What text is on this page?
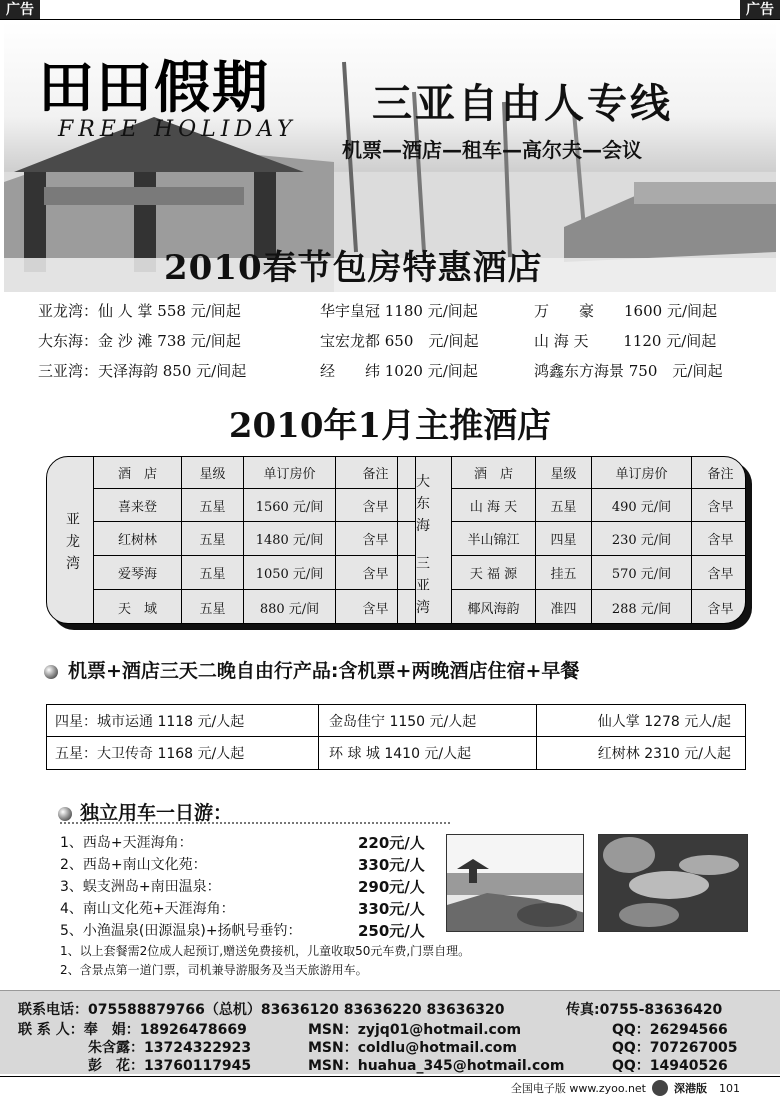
广告	广告
田田假期
FREE HOLIDAY
三亚自由人专线
机票—酒店—租车—高尔夫—会议
2010春节包房特惠酒店
亚龙湾：仙 人 掌 558 元/间起	华宇皇冠 1180 元/间起	万　　豪　　1600 元/间起
大东海：金 沙 滩 738 元/间起	宝宏龙都 650　元/间起	山 海 天　　 1120 元/间起
三亚湾：天泽海韵 850 元/间起	经　　纬 1020 元/间起	鸿鑫东方海景 750　元/间起
2010年1月主推酒店
亚
龙
湾
酒　店	星级	单订房价	备注
喜来登	五星	1560 元/间	含早
红树林	五星	1480 元/间	含早
爱琴海	五星	1050 元/间	含早
天　域	五星	880 元/间	含早
大
东
海
三
亚
湾
酒　店	星级	单订房价	备注
山 海 天	五星	490 元/间	含早
半山锦江	四星	230 元/间	含早
天 福 源	挂五	570 元/间	含早
椰风海韵	准四	288 元/间	含早
机票+酒店三天二晚自由行产品:含机票+两晚酒店住宿+早餐
四星：城市运通 1118 元/人起	金岛佳宁 1150 元/人起	仙人掌 1278 元人/起
五星：大卫传奇 1168 元/人起	环 球 城 1410 元/人起	红树林 2310 元/人起
独立用车一日游：
1、西岛+天涯海角：	220元/人
2、西岛+南山文化苑：	330元/人
3、蜈支洲岛+南田温泉：	290元/人
4、南山文化苑+天涯海角：	330元/人
5、小渔温泉(田源温泉)+扬帆号垂钓：	250元/人
1、以上套餐需2位成人起预订,赠送免费接机，儿童收取50元车费,门票自理。
2、含景点第一道门票，司机兼导游服务及当天旅游用车。
联系电话：075588879766（总机）83636120 83636220 83636320	传真:0755-83636420
联 系 人：奉　娟：18926478669	MSN：zyjq01@hotmail.com	QQ：26294566
朱含露：13724322923	MSN：coldlu@hotmail.com	QQ：707267005
彭　花：13760117945	MSN：huahua_345@hotmail.com	QQ：14940526
全国电子版 www.zyoo.net	深港版 101
